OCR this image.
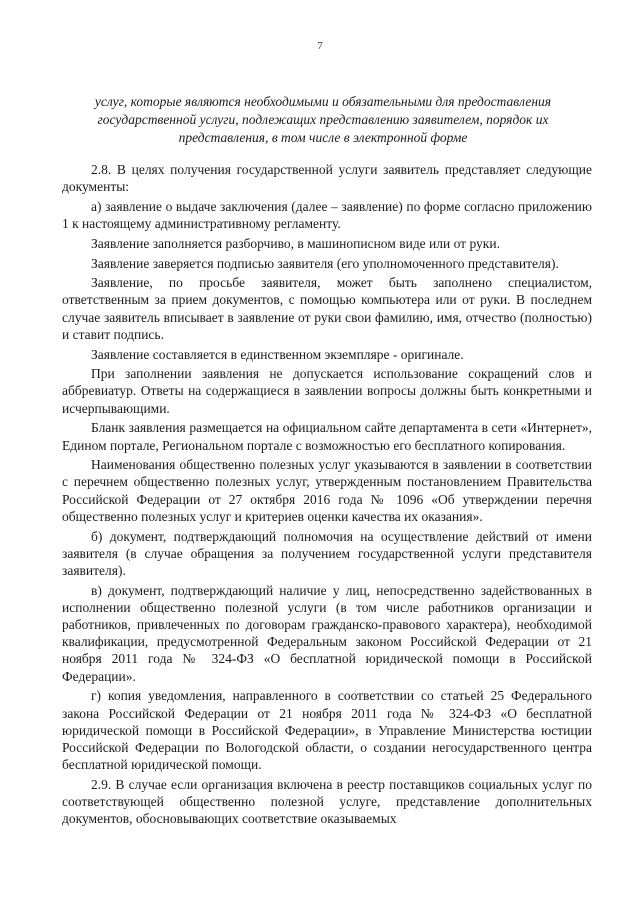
7
услуг, которые являются необходимыми и обязательными для предоставления государственной услуги, подлежащих представлению заявителем, порядок их представления, в том числе в электронной форме

2.8. В целях получения государственной услуги заявитель представляет следующие документы:

а) заявление о выдаче заключения (далее – заявление) по форме согласно приложению 1 к настоящему административному регламенту.

Заявление заполняется разборчиво, в машинописном виде или от руки.

Заявление заверяется подписью заявителя (его уполномоченного представителя).

Заявление, по просьбе заявителя, может быть заполнено специалистом, ответственным за прием документов, с помощью компьютера или от руки. В последнем случае заявитель вписывает в заявление от руки свои фамилию, имя, отчество (полностью) и ставит подпись.

Заявление составляется в единственном экземпляре - оригинале.

При заполнении заявления не допускается использование сокращений слов и аббревиатур. Ответы на содержащиеся в заявлении вопросы должны быть конкретными и исчерпывающими.

Бланк заявления размещается на официальном сайте департамента в сети «Интернет», Едином портале, Региональном портале с возможностью его бесплатного копирования.

Наименования общественно полезных услуг указываются в заявлении в соответствии с перечнем общественно полезных услуг, утвержденным постановлением Правительства Российской Федерации от 27 октября 2016 года № 1096 «Об утверждении перечня общественно полезных услуг и критериев оценки качества их оказания».

б) документ, подтверждающий полномочия на осуществление действий от имени заявителя (в случае обращения за получением государственной услуги представителя заявителя).

в) документ, подтверждающий наличие у лиц, непосредственно задействованных в исполнении общественно полезной услуги (в том числе работников организации и работников, привлеченных по договорам гражданско-правового характера), необходимой квалификации, предусмотренной Федеральным законом Российской Федерации от 21 ноября 2011 года № 324-ФЗ «О бесплатной юридической помощи в Российской Федерации».

г) копия уведомления, направленного в соответствии со статьей 25 Федерального закона Российской Федерации от 21 ноября 2011 года № 324-ФЗ «О бесплатной юридической помощи в Российской Федерации», в Управление Министерства юстиции Российской Федерации по Вологодской области, о создании негосударственного центра бесплатной юридической помощи.

2.9. В случае если организация включена в реестр поставщиков социальных услуг по соответствующей общественно полезной услуге, представление дополнительных документов, обосновывающих соответствие оказываемых
